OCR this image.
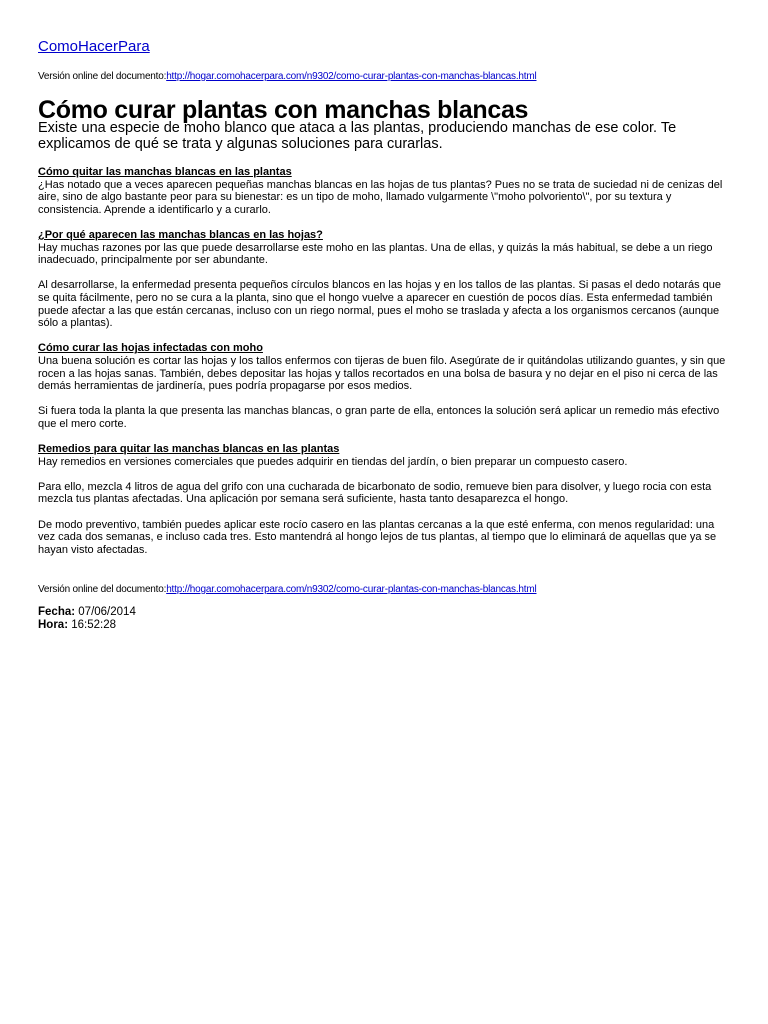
ComoHacerPara
Versión online del documento:http://hogar.comohacerpara.com/n9302/como-curar-plantas-con-manchas-blancas.html
Cómo curar plantas con manchas blancas

Existe una especie de moho blanco que ataca a las plantas, produciendo manchas de ese color. Te explicamos de qué se trata y algunas soluciones para curarlas.

Cómo quitar las manchas blancas en las plantas

¿Has notado que a veces aparecen pequeñas manchas blancas en las hojas de tus plantas? Pues no se trata de suciedad ni de cenizas del aire, sino de algo bastante peor para su bienestar: es un tipo de moho, llamado vulgarmente \"moho polvoriento\", por su textura y consistencia. Aprende a identificarlo y a curarlo.

¿Por qué aparecen las manchas blancas en las hojas?

Hay muchas razones por las que puede desarrollarse este moho en las plantas. Una de ellas, y quizás la más habitual, se debe a un riego inadecuado, principalmente por ser abundante.

Al desarrollarse, la enfermedad presenta pequeños círculos blancos en las hojas y en los tallos de las plantas. Si pasas el dedo notarás que se quita fácilmente, pero no se cura a la planta, sino que el hongo vuelve a aparecer en cuestión de pocos días. Esta enfermedad también puede afectar a las que están cercanas, incluso con un riego normal, pues el moho se traslada y afecta a los organismos cercanos (aunque sólo a plantas).

Cómo curar las hojas infectadas con moho

Una buena solución es cortar las hojas y los tallos enfermos con tijeras de buen filo. Asegúrate de ir quitándolas utilizando guantes, y sin que rocen a las hojas sanas. También, debes depositar las hojas y tallos recortados en una bolsa de basura y no dejar en el piso ni cerca de las demás herramientas de jardinería, pues podría propagarse por esos medios.

Si fuera toda la planta la que presenta las manchas blancas, o gran parte de ella, entonces la solución será aplicar un remedio más efectivo que el mero corte.

Remedios para quitar las manchas blancas en las plantas

Hay remedios en versiones comerciales que puedes adquirir en tiendas del jardín, o bien preparar un compuesto casero.

Para ello, mezcla 4 litros de agua del grifo con una cucharada de bicarbonato de sodio, remueve bien para disolver, y luego rocia con esta mezcla tus plantas afectadas. Una aplicación por semana será suficiente, hasta tanto desaparezca el hongo.

De modo preventivo, también puedes aplicar este rocío casero en las plantas cercanas a la que esté enferma, con menos regularidad: una vez cada dos semanas, e incluso cada tres. Esto mantendrá al hongo lejos de tus plantas, al tiempo que lo eliminará de aquellas que ya se hayan visto afectadas.

Versión online del documento:http://hogar.comohacerpara.com/n9302/como-curar-plantas-con-manchas-blancas.html
Fecha: 07/06/2014
Hora: 16:52:28
